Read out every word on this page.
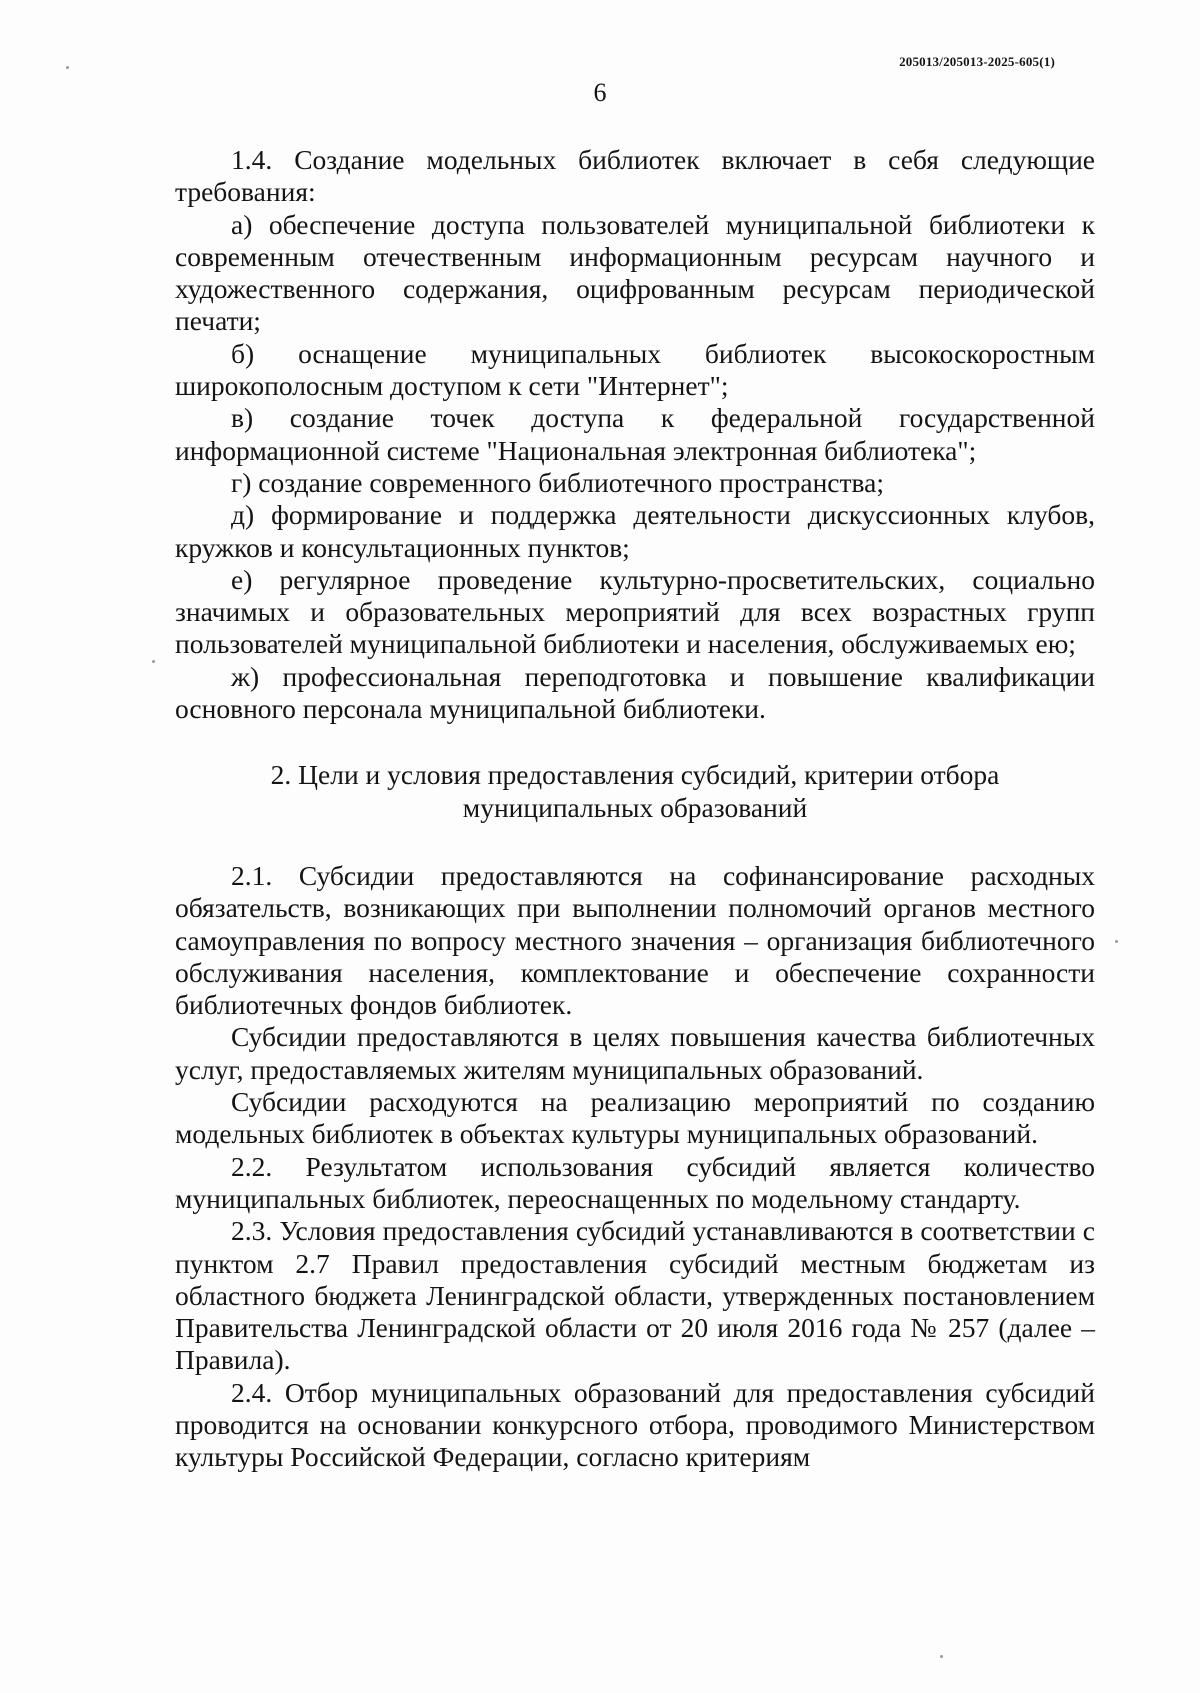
205013/205013-2025-605(1)
6

1.4. Создание модельных библиотек включает в себя следующие требования:

а) обеспечение доступа пользователей муниципальной библиотеки к современным отечественным информационным ресурсам научного и художественного содержания, оцифрованным ресурсам периодической печати;

б) оснащение муниципальных библиотек высокоскоростным широкополосным доступом к сети "Интернет";

в) создание точек доступа к федеральной государственной информационной системе "Национальная электронная библиотека";

г) создание современного библиотечного пространства;

д) формирование и поддержка деятельности дискуссионных клубов, кружков и консультационных пунктов;

е) регулярное проведение культурно-просветительских, социально значимых и образовательных мероприятий для всех возрастных групп пользователей муниципальной библиотеки и населения, обслуживаемых ею;

ж) профессиональная переподготовка и повышение квалификации основного персонала муниципальной библиотеки.

2. Цели и условия предоставления субсидий, критерии отбора
муниципальных образований

2.1. Субсидии предоставляются на софинансирование расходных обязательств, возникающих при выполнении полномочий органов местного самоуправления по вопросу местного значения – организация библиотечного обслуживания населения, комплектование и обеспечение сохранности библиотечных фондов библиотек.

Субсидии предоставляются в целях повышения качества библиотечных услуг, предоставляемых жителям муниципальных образований.

Субсидии расходуются на реализацию мероприятий по созданию модельных библиотек в объектах культуры муниципальных образований.

2.2. Результатом использования субсидий является количество муниципальных библиотек, переоснащенных по модельному стандарту.

2.3. Условия предоставления субсидий устанавливаются в соответствии с пунктом 2.7 Правил предоставления субсидий местным бюджетам из областного бюджета Ленинградской области, утвержденных постановлением Правительства Ленинградской области от 20 июля 2016 года № 257 (далее – Правила).

2.4. Отбор муниципальных образований для предоставления субсидий проводится на основании конкурсного отбора, проводимого Министерством культуры Российской Федерации, согласно критериям
